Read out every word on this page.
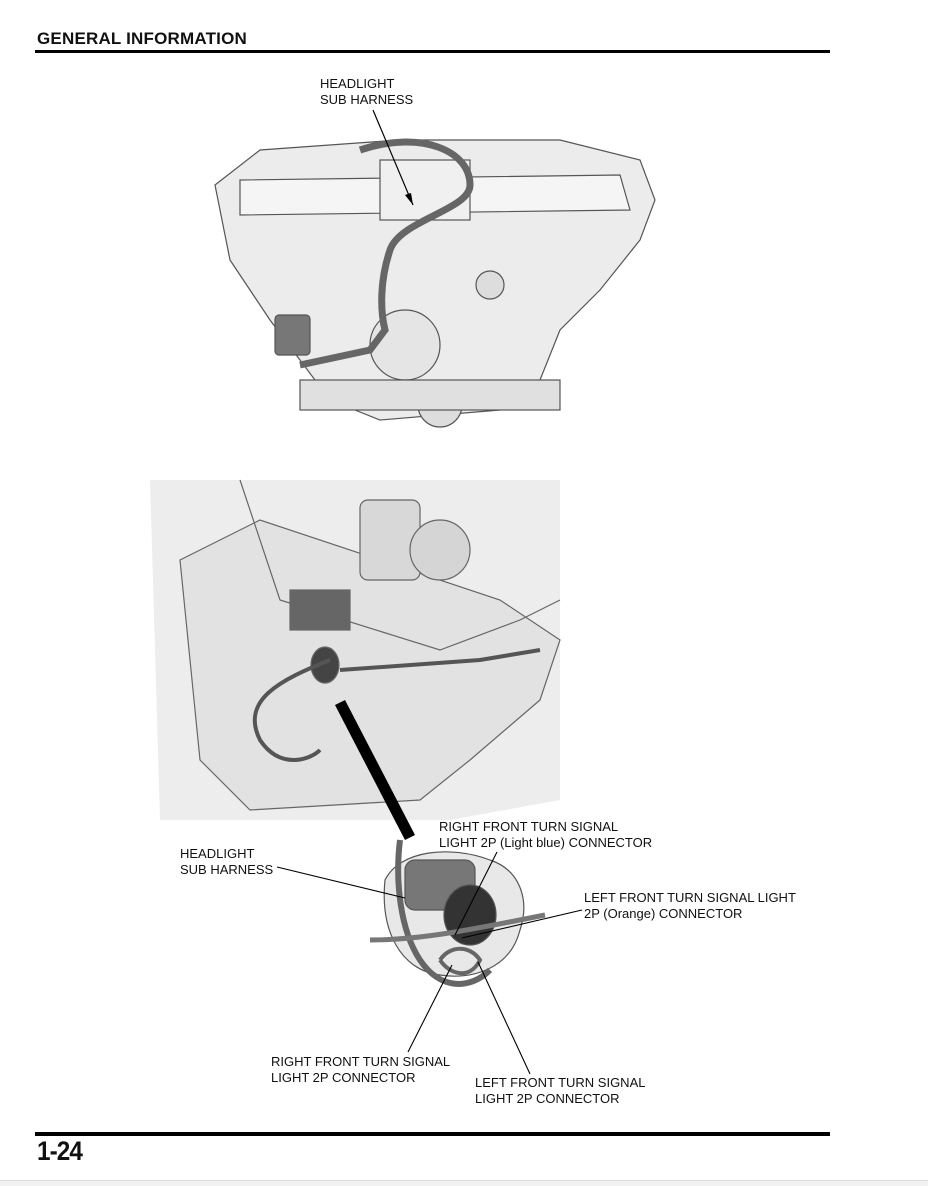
GENERAL INFORMATION
HEADLIGHT
SUB HARNESS
RIGHT FRONT TURN SIGNAL
LIGHT 2P (Light blue) CONNECTOR
HEADLIGHT
SUB HARNESS
LEFT FRONT TURN SIGNAL LIGHT
2P (Orange) CONNECTOR
RIGHT FRONT TURN SIGNAL
LIGHT 2P CONNECTOR	LEFT FRONT TURN SIGNAL
LIGHT 2P CONNECTOR
1-24
